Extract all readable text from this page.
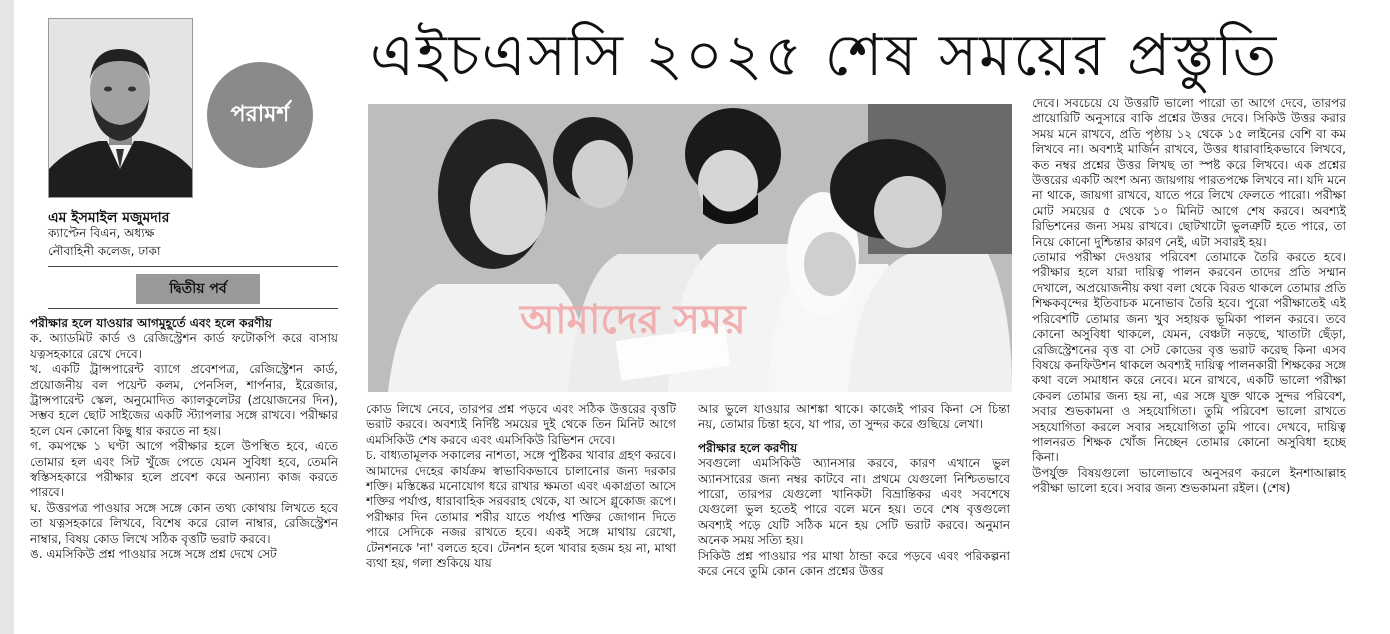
পরামর্শ
এম ইসমাইল মজুমদার
ক্যাপ্টেন বিএন, অধ্যক্ষ
নৌবাহিনী কলেজ, ঢাকা
দ্বিতীয় পর্ব
এইচএসসি ২০২৫ শেষ সময়ের প্রস্তুতি
আমাদের সময়

পরীক্ষার হলে যাওয়ার আগমুহূর্তে এবং হলে করণীয়

ক. অ্যাডমিট কার্ড ও রেজিস্ট্রেশন কার্ড ফটোকপি করে বাসায় যত্নসহকারে রেখে দেবে।

খ. একটি ট্রান্সপারেন্ট ব্যাগে প্রবেশপত্র, রেজিস্ট্রেশন কার্ড, প্রয়োজনীয় বল পয়েন্ট কলম, পেনসিল, শার্পনার, ইরেজার, ট্রান্সপারেন্ট স্কেল, অনুমোদিত ক্যালকুলেটর (প্রয়োজনের দিন), সম্ভব হলে ছোট সাইজের একটি স্ট্যাপলার সঙ্গে রাখবে। পরীক্ষার হলে যেন কোনো কিছু ধার করতে না হয়।

গ. কমপক্ষে ১ ঘণ্টা আগে পরীক্ষার হলে উপস্থিত হবে, এতে তোমার হল এবং সিট খুঁজে পেতে যেমন সুবিধা হবে, তেমনি স্বস্তিসহকারে পরীক্ষার হলে প্রবেশ করে অন্যান্য কাজ করতে পারবে।

ঘ. উত্তরপত্র পাওয়ার সঙ্গে সঙ্গে কোন তথ্য কোথায় লিখতে হবে তা যত্নসহকারে লিখবে, বিশেষ করে রোল নাম্বার, রেজিস্ট্রেশন নাম্বার, বিষয় কোড লিখে সঠিক বৃত্তটি ভরাট করবে।

ঙ. এমসিকিউ প্রশ্ন পাওয়ার সঙ্গে সঙ্গে প্রশ্ন দেখে সেট

কোড লিখে নেবে, তারপর প্রশ্ন পড়বে এবং সঠিক উত্তরের বৃত্তটি ভরাট করবে। অবশ্যই নির্দিষ্ট সময়ের দুই থেকে তিন মিনিট আগে এমসিকিউ শেষ করবে এবং এমসিকিউ রিভিশন দেবে।

চ. বাধ্যতামূলক সকালের নাশতা, সঙ্গে পুষ্টিকর খাবার গ্রহণ করবে। আমাদের দেহের কার্যক্রম স্বাভাবিকভাবে চালানোর জন্য দরকার শক্তি। মস্তিষ্কের মনোযোগ ধরে রাখার ক্ষমতা এবং একাগ্রতা আসে শক্তির পর্যাপ্ত, ধারাবাহিক সরবরাহ থেকে, যা আসে গ্লুকোজ রূপে। পরীক্ষার দিন তোমার শরীর যাতে পর্যাপ্ত শক্তির জোগান দিতে পারে সেদিকে নজর রাখতে হবে। একই সঙ্গে মাথায় রেখো, টেনশনকে 'না' বলতে হবে। টেনশন হলে খাবার হজম হয় না, মাথা ব্যথা হয়, গলা শুকিয়ে যায়

আর ভুলে যাওয়ার আশঙ্কা থাকে। কাজেই পারব কিনা সে চিন্তা নয়, তোমার চিন্তা হবে, যা পার, তা সুন্দর করে গুছিয়ে লেখা।

পরীক্ষার হলে করণীয়

সবগুলো এমসিকিউ অ্যানসার করবে, কারণ এখানে ভুল অ্যানসারের জন্য নম্বর কাটবে না। প্রথমে যেগুলো নিশ্চিতভাবে পারো, তারপর যেগুলো খানিকটা বিভ্রান্তিকর এবং সবশেষে যেগুলো ভুল হতেই পারে বলে মনে হয়। তবে শেষ বৃত্তগুলো অবশ্যই পড়ে যেটি সঠিক মনে হয় সেটি ভরাট করবে। অনুমান অনেক সময় সত্যি হয়।

সিকিউ প্রশ্ন পাওয়ার পর মাথা ঠান্ডা করে পড়বে এবং পরিকল্পনা করে নেবে তুমি কোন কোন প্রশ্নের উত্তর

দেবে। সবচেয়ে যে উত্তরটি ভালো পারো তা আগে দেবে, তারপর প্রায়োরিটি অনুসারে বাকি প্রশ্নের উত্তর দেবে। সিকিউ উত্তর করার সময় মনে রাখবে, প্রতি পৃষ্ঠায় ১২ থেকে ১৫ লাইনের বেশি বা কম লিখবে না। অবশ্যই মার্জিন রাখবে, উত্তর ধারাবাহিকভাবে লিখবে, কত নম্বর প্রশ্নের উত্তর লিখছ তা স্পষ্ট করে লিখবে। এক প্রশ্নের উত্তরের একটি অংশ অন্য জায়গায় পারতপক্ষে লিখবে না। যদি মনে না থাকে, জায়গা রাখবে, যাতে পরে লিখে ফেলতে পারো। পরীক্ষা মোট সময়ের ৫ থেকে ১০ মিনিট আগে শেষ করবে। অবশ্যই রিভিশনের জন্য সময় রাখবে। ছোটখাটো ভুলত্রুটি হতে পারে, তা নিয়ে কোনো দুশ্চিন্তার কারণ নেই, এটা সবারই হয়।

তোমার পরীক্ষা দেওয়ার পরিবেশ তোমাকে তৈরি করতে হবে। পরীক্ষার হলে যারা দায়িত্ব পালন করবেন তাদের প্রতি সম্মান দেখালে, অপ্রয়োজনীয় কথা বলা থেকে বিরত থাকলে তোমার প্রতি শিক্ষকবৃন্দের ইতিবাচক মনোভাব তৈরি হবে। পুরো পরীক্ষাতেই এই পরিবেশটি তোমার জন্য খুব সহায়ক ভূমিকা পালন করবে। তবে কোনো অসুবিধা থাকলে, যেমন, বেঞ্চটা নড়ছে, খাতাটা ছেঁড়া, রেজিস্ট্রেশনের বৃত্ত বা সেট কোডের বৃত্ত ভরাট করেছ কিনা এসব বিষয়ে কনফিউশন থাকলে অবশ্যই দায়িত্ব পালনকারী শিক্ষকের সঙ্গে কথা বলে সমাধান করে নেবে। মনে রাখবে, একটি ভালো পরীক্ষা কেবল তোমার জন্য হয় না, এর সঙ্গে যুক্ত থাকে সুন্দর পরিবেশ, সবার শুভকামনা ও সহযোগিতা। তুমি পরিবেশ ভালো রাখতে সহযোগিতা করলে সবার সহযোগিতা তুমি পাবে। দেখবে, দায়িত্ব পালনরত শিক্ষক খোঁজ নিচ্ছেন তোমার কোনো অসুবিধা হচ্ছে কিনা।

উপর্যুক্ত বিষয়গুলো ভালোভাবে অনুসরণ করলে ইনশাআল্লাহ পরীক্ষা ভালো হবে। সবার জন্য শুভকামনা রইল। (শেষ)
